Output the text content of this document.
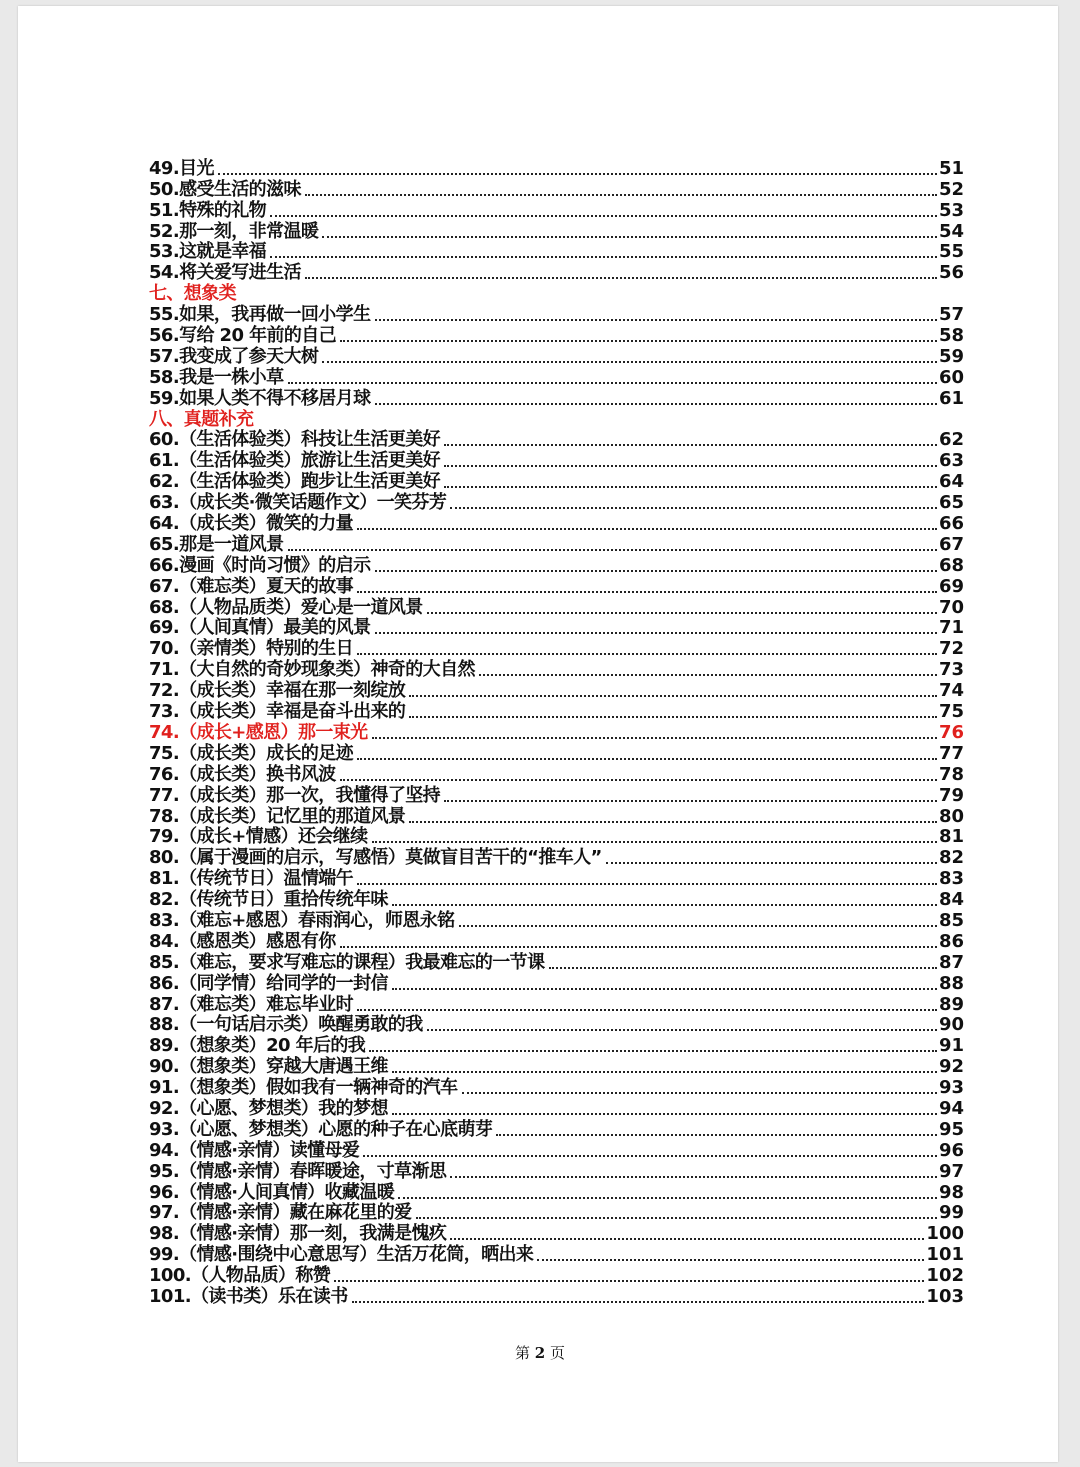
49.目光	51
50.感受生活的滋味	52
51.特殊的礼物	53
52.那一刻，非常温暖	54
53.这就是幸福	55
54.将关爱写进生活	56
七、想象类
55.如果，我再做一回小学生	57
56.写给 20 年前的自己	58
57.我变成了参天大树	59
58.我是一株小草	60
59.如果人类不得不移居月球	61
八、真题补充
60.（生活体验类）科技让生活更美好	62
61.（生活体验类）旅游让生活更美好	63
62.（生活体验类）跑步让生活更美好	64
63.（成长类·微笑话题作文）一笑芬芳	65
64.（成长类）微笑的力量	66
65.那是一道风景	67
66.漫画《时尚习惯》的启示	68
67.（难忘类）夏天的故事	69
68.（人物品质类）爱心是一道风景	70
69.（人间真情）最美的风景	71
70.（亲情类）特别的生日	72
71.（大自然的奇妙现象类）神奇的大自然	73
72.（成长类）幸福在那一刻绽放	74
73.（成长类）幸福是奋斗出来的	75
74.（成长+感恩）那一束光	76
75.（成长类）成长的足迹	77
76.（成长类）换书风波	78
77.（成长类）那一次，我懂得了坚持	79
78.（成长类）记忆里的那道风景	80
79.（成长+情感）还会继续	81
80.（属于漫画的启示，写感悟）莫做盲目苦干的“推车人”	82
81.（传统节日）温情端午	83
82.（传统节日）重拾传统年味	84
83.（难忘+感恩）春雨润心，师恩永铭	85
84.（感恩类）感恩有你	86
85.（难忘，要求写难忘的课程）我最难忘的一节课	87
86.（同学情）给同学的一封信	88
87.（难忘类）难忘毕业时	89
88.（一句话启示类）唤醒勇敢的我	90
89.（想象类）20 年后的我	91
90.（想象类）穿越大唐遇王维	92
91.（想象类）假如我有一辆神奇的汽车	93
92.（心愿、梦想类）我的梦想	94
93.（心愿、梦想类）心愿的种子在心底萌芽	95
94.（情感·亲情）读懂母爱	96
95.（情感·亲情）春晖暖途，寸草渐思	97
96.（情感·人间真情）收藏温暖	98
97.（情感·亲情）藏在麻花里的爱	99
98.（情感·亲情）那一刻，我满是愧疚	100
99.（情感·围绕中心意思写）生活万花筒，晒出来	101
100.（人物品质）称赞	102
101.（读书类）乐在读书	103
第 2 页
